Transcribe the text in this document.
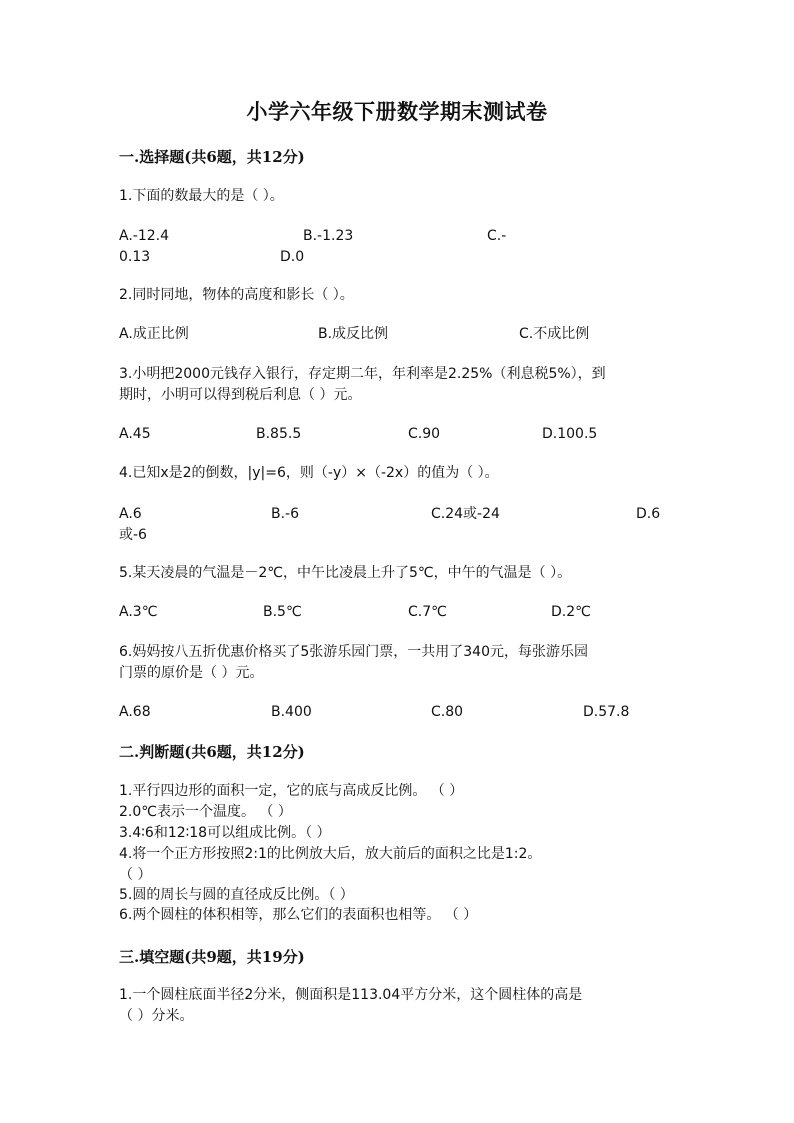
小学六年级下册数学期末测试卷
一.选择题(共6题，共12分)
1.下面的数最大的是（ ）。
A.-12.4	B.-1.23	C.-
0.13	D.0
2.同时同地，物体的高度和影长（ ）。
A.成正比例	B.成反比例	C.不成比例
3.小明把2000元钱存入银行，存定期二年，年利率是2.25%（利息税5%），到
期时，小明可以得到税后利息（ ）元。
A.45	B.85.5	C.90	D.100.5
4.已知x是2的倒数，|y|=6，则（-y）×（-2x）的值为（ ）。
A.6	B.-6	C.24或-24	D.6
或-6
5.某天凌晨的气温是－2℃，中午比凌晨上升了5℃，中午的气温是（ ）。
A.3℃	B.5℃	C.7℃	D.2℃
6.妈妈按八五折优惠价格买了5张游乐园门票，一共用了340元，每张游乐园
门票的原价是（ ）元。
A.68	B.400	C.80	D.57.8
二.判断题(共6题，共12分)
1.平行四边形的面积一定，它的底与高成反比例。 （ ）
2.0℃表示一个温度。 （ ）
3.4∶6和12∶18可以组成比例。（ ）
4.将一个正方形按照2:1的比例放大后，放大前后的面积之比是1:2。
（ ）
5.圆的周长与圆的直径成反比例。（ ）
6.两个圆柱的体积相等，那么它们的表面积也相等。 （ ）
三.填空题(共9题，共19分)
1.一个圆柱底面半径2分米，侧面积是113.04平方分米，这个圆柱体的高是
（ ）分米。
